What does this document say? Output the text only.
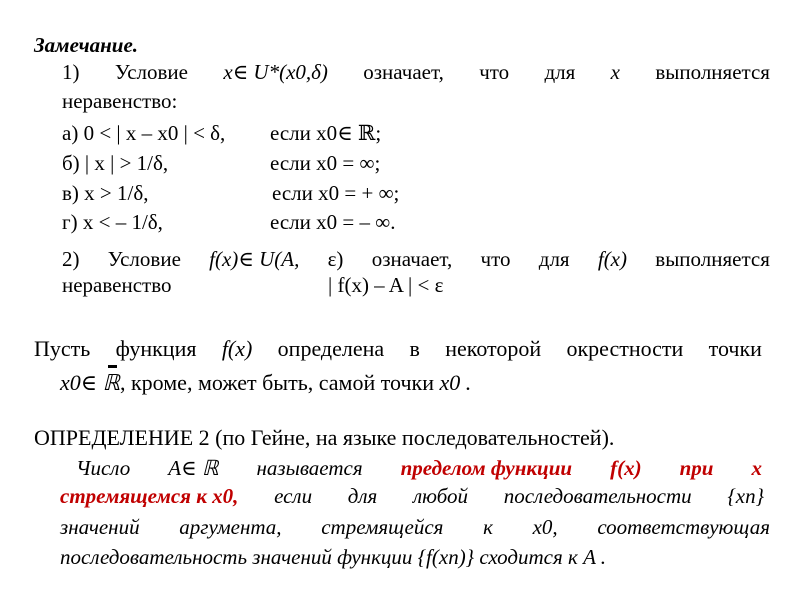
Замечание.
1) Условие x∈ U*(x0,δ) означает, что для x выполняется
неравенство:
а) 0 < | x – x0 | < δ, если x0∈ ℝ;
б) | x | > 1/δ,	если x0 = ∞;
в) x > 1/δ,	если x0 = + ∞;
г) x < – 1/δ,	если x0 = – ∞.
2) Условие f(x)∈ U(A, ε) означает, что для f(x) выполняется
неравенство	| f(x) – A | < ε
Пусть функция f(x) определена в некоторой окрестности точки
x0∈ ℝ, кроме, может быть, самой точки x0 .
ОПРЕДЕЛЕНИЕ 2 (по Гейне, на языке последовательностей).
Число A∈ ℝ называется пределом функции f(x) при x
стремящемся к x0, если для любой последовательности {xn}
значений аргумента, стремящейся к x0, соответствующая
последовательность значений функции {f(xn)} сходится к A .
